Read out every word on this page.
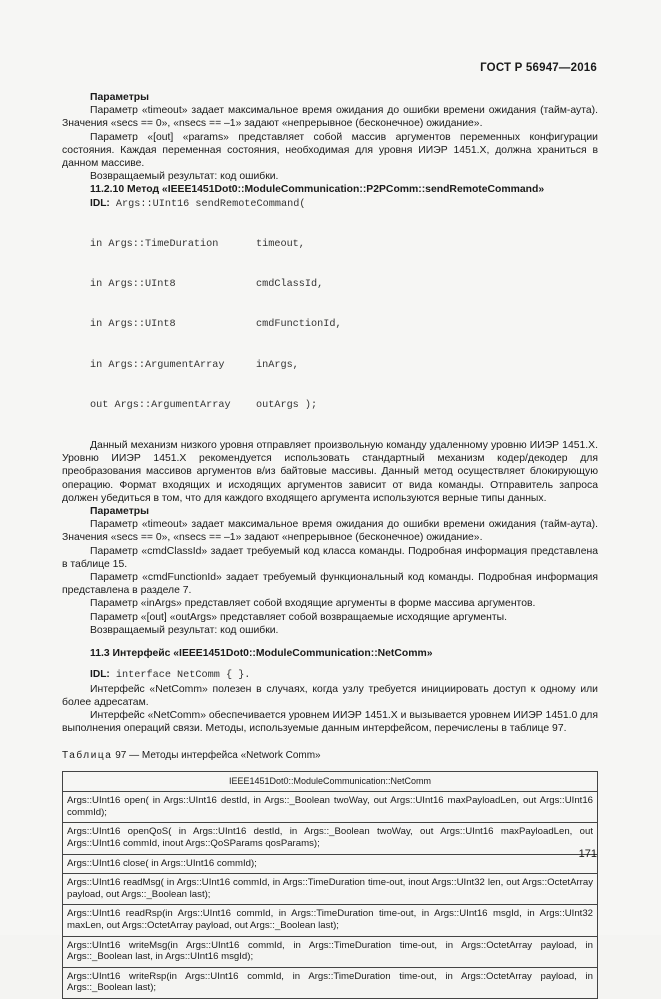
ГОСТ Р 56947—2016

Параметры

Параметр «timeout» задает максимальное время ожидания до ошибки времени ожидания (тайм-аута). Значения «secs == 0», «nsecs == –1» задают «непрерывное (бесконечное) ожидание».

Параметр «[out] «params» представляет собой массив аргументов переменных конфигурации состояния. Каждая переменная состояния, необходимая для уровня ИИЭР 1451.X, должна храниться в данном массиве.

Возвращаемый результат: код ошибки.

11.2.10 Метод «IEEE1451Dot0::ModuleCommunication::P2PComm::sendRemoteCommand»

IDL: Args::UInt16 sendRemoteCommand(

in Args::TimeDuration	timeout,

in Args::UInt8	cmdClassId,

in Args::UInt8	cmdFunctionId,

in Args::ArgumentArray	inArgs,

out Args::ArgumentArray	outArgs );

Данный механизм низкого уровня отправляет произвольную команду удаленному уровню ИИЭР 1451.X. Уровню ИИЭР 1451.X рекомендуется использовать стандартный механизм кодер/декодер для преобразования массивов аргументов в/из байтовые массивы. Данный метод осуществляет блокирующую операцию. Формат входящих и исходящих аргументов зависит от вида команды. Отправитель запроса должен убедиться в том, что для каждого входящего аргумента используются верные типы данных.

Параметры

Параметр «timeout» задает максимальное время ожидания до ошибки времени ожидания (тайм-аута). Значения «secs == 0», «nsecs == –1» задают «непрерывное (бесконечное) ожидание».

Параметр «cmdClassId» задает требуемый код класса команды. Подробная информация представлена в таблице 15.

Параметр «cmdFunctionId» задает требуемый функциональный код команды. Подробная информация представлена в разделе 7.

Параметр «inArgs» представляет собой входящие аргументы в форме массива аргументов.

Параметр «[out] «outArgs» представляет собой возвращаемые исходящие аргументы.

Возвращаемый результат: код ошибки.

11.3 Интерфейс «IEEE1451Dot0::ModuleCommunication::NetComm»

IDL: interface NetComm { }.

Интерфейс «NetComm» полезен в случаях, когда узлу требуется инициировать доступ к одному или более адресатам.

Интерфейс «NetComm» обеспечивается уровнем ИИЭР 1451.X и вызывается уровнем ИИЭР 1451.0 для выполнения операций связи. Методы, используемые данным интерфейсом, перечислены в таблице 97.

Таблица 97 — Методы интерфейса «Network Comm»

IEEE1451Dot0::ModuleCommunication::NetComm
Args::UInt16 open( in Args::UInt16 destId, in Args::_Boolean twoWay, out Args::UInt16 maxPayloadLen, out Args::UInt16 commId);
Args::UInt16 openQoS( in Args::UInt16 destId, in Args::_Boolean twoWay, out Args::UInt16 maxPayloadLen, out Args::UInt16 commId, inout Args::QoSParams qosParams);
Args::UInt16 close( in Args::UInt16 commId);
Args::UInt16 readMsg( in Args::UInt16 commId, in Args::TimeDuration time-out, inout Args::UInt32 len, out Args::OctetArray payload, out Args::_Boolean last);
Args::UInt16 readRsp(in Args::UInt16 commId, in Args::TimeDuration time-out, in Args::UInt16 msgId, in Args::UInt32 maxLen, out Args::OctetArray payload, out Args::_Boolean last);
Args::UInt16 writeMsg(in Args::UInt16 commId, in Args::TimeDuration time-out, in Args::OctetArray payload, in Args::_Boolean last, in Args::UInt16 msgId);
Args::UInt16 writeRsp(in Args::UInt16 commId, in Args::TimeDuration time-out, in Args::OctetArray payload, in Args::_Boolean last);
171
